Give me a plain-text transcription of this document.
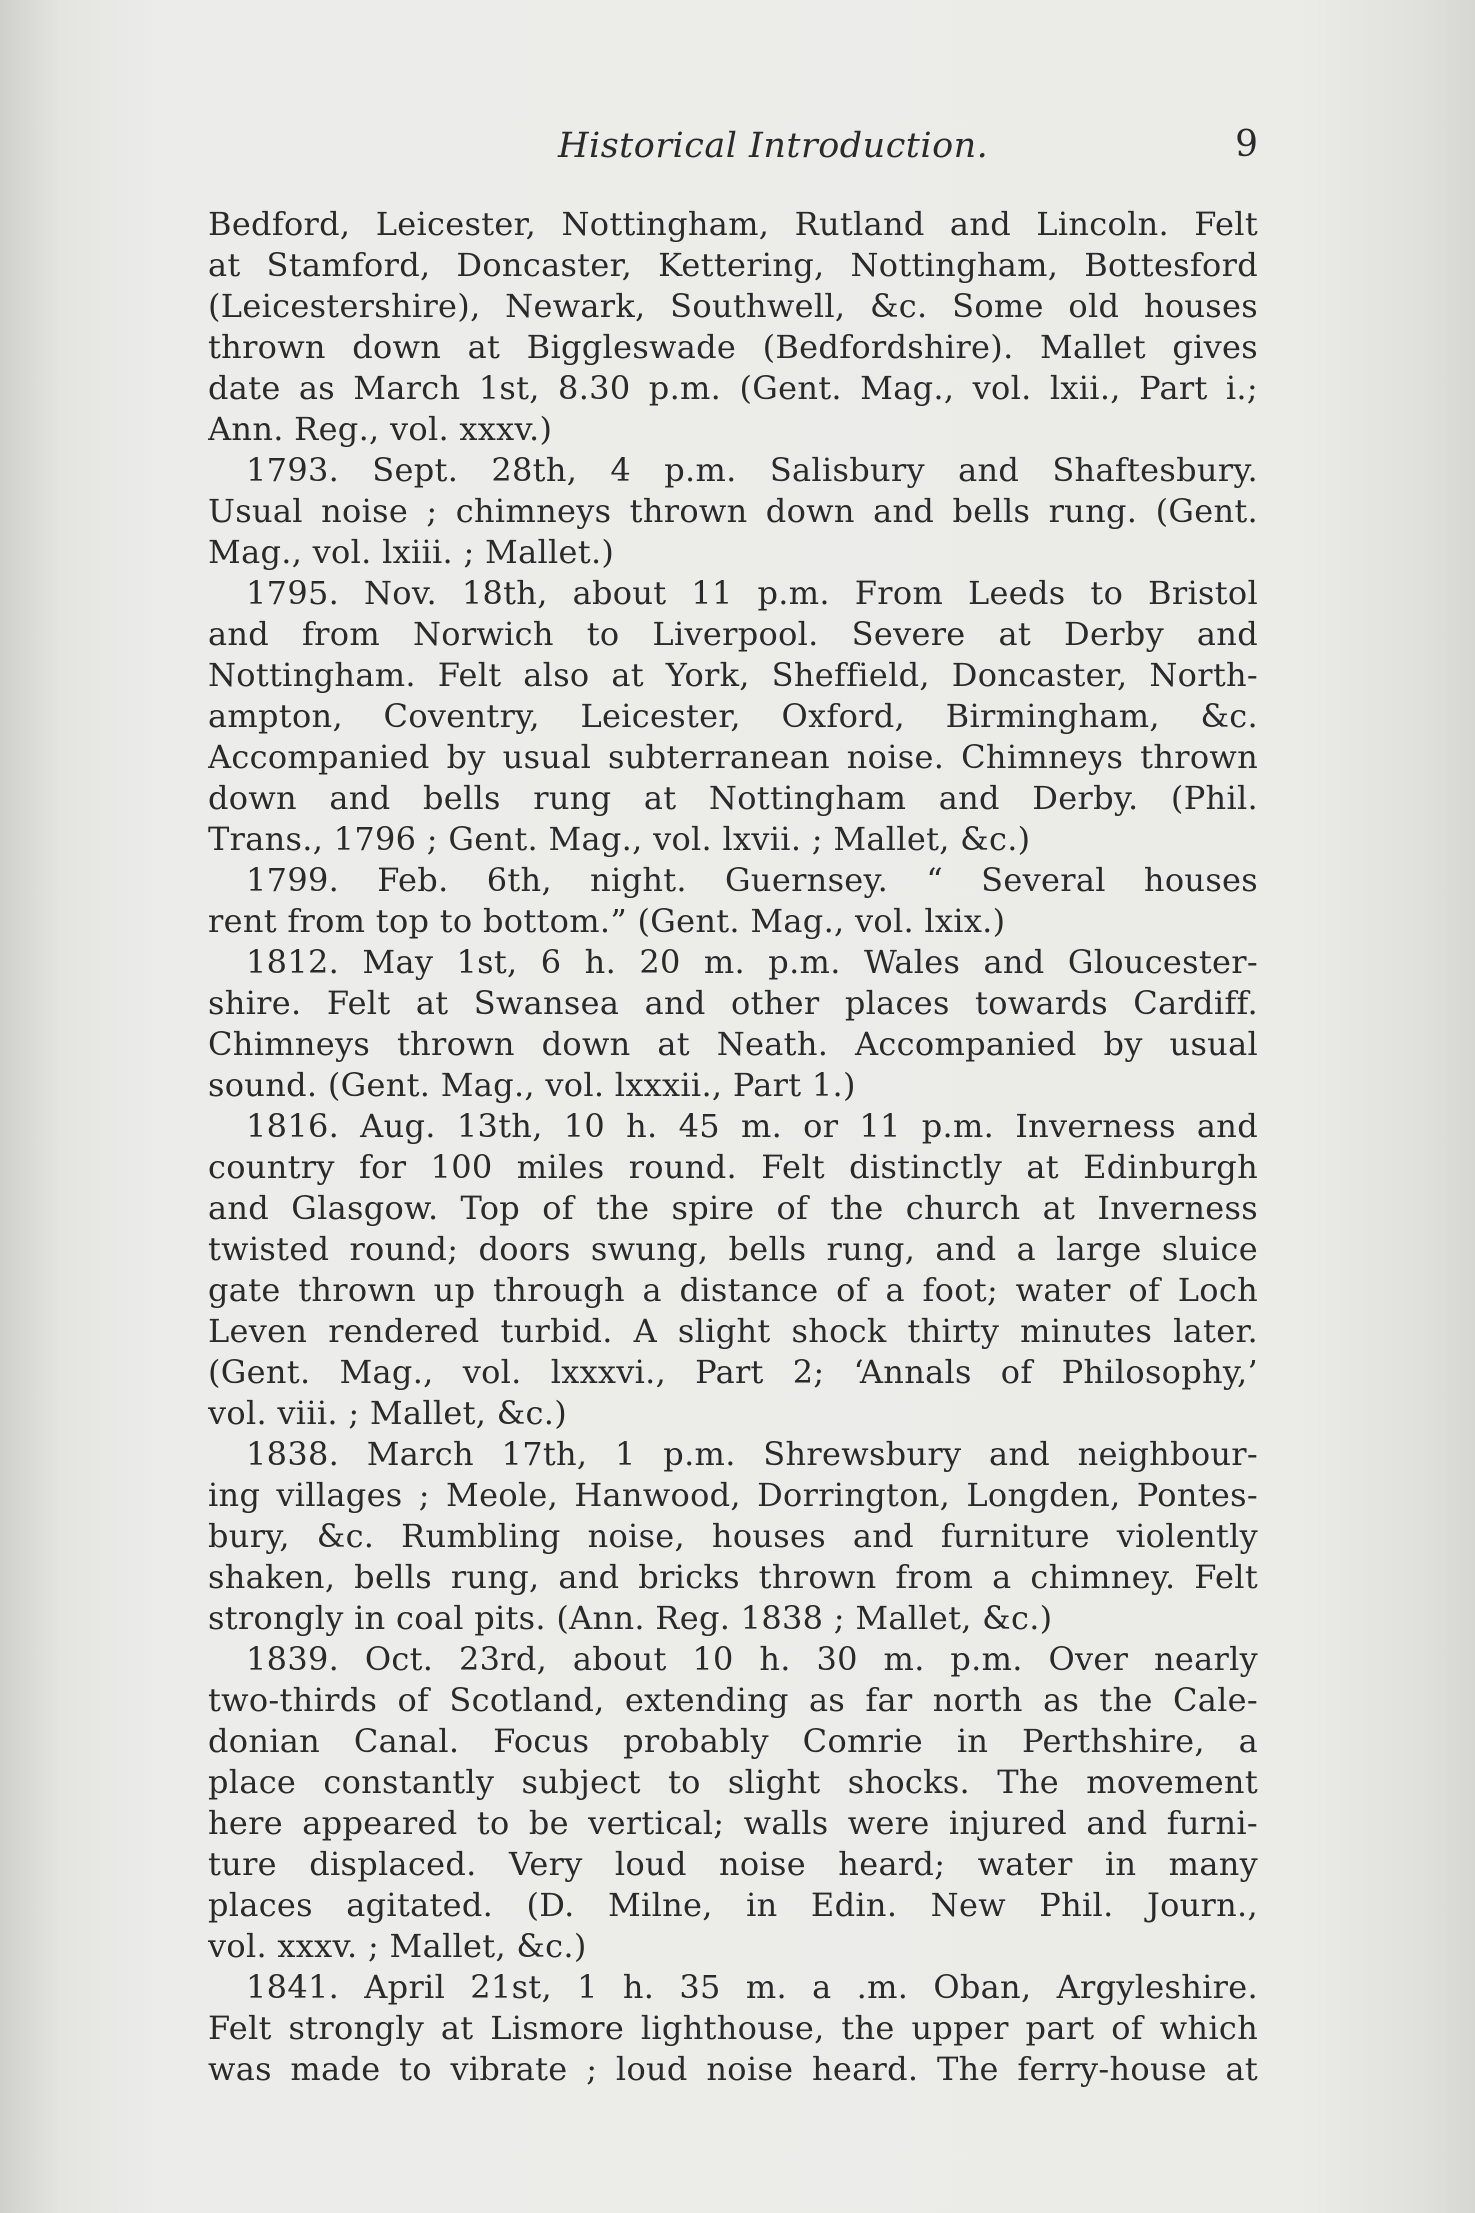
Historical Introduction.	9
Bedford, Leicester, Nottingham, Rutland and Lincoln. Felt
at Stamford, Doncaster, Kettering, Nottingham, Bottesford
(Leicestershire), Newark, Southwell, &c. Some old houses
thrown down at Biggleswade (Bedfordshire). Mallet gives
date as March 1st, 8.30 p.m. (Gent. Mag., vol. lxii., Part i.;
Ann. Reg., vol. xxxv.)
1793. Sept. 28th, 4 p.m. Salisbury and Shaftesbury.
Usual noise ; chimneys thrown down and bells rung. (Gent.
Mag., vol. lxiii. ; Mallet.)
1795. Nov. 18th, about 11 p.m. From Leeds to Bristol
and from Norwich to Liverpool. Severe at Derby and
Nottingham. Felt also at York, Sheffield, Doncaster, North-
ampton, Coventry, Leicester, Oxford, Birmingham, &c.
Accompanied by usual subterranean noise. Chimneys thrown
down and bells rung at Nottingham and Derby. (Phil.
Trans., 1796 ; Gent. Mag., vol. lxvii. ; Mallet, &c.)
1799. Feb. 6th, night. Guernsey. “ Several houses
rent from top to bottom.” (Gent. Mag., vol. lxix.)
1812. May 1st, 6 h. 20 m. p.m. Wales and Gloucester-
shire. Felt at Swansea and other places towards Cardiff.
Chimneys thrown down at Neath. Accompanied by usual
sound. (Gent. Mag., vol. lxxxii., Part 1.)
1816. Aug. 13th, 10 h. 45 m. or 11 p.m. Inverness and
country for 100 miles round. Felt distinctly at Edinburgh
and Glasgow. Top of the spire of the church at Inverness
twisted round; doors swung, bells rung, and a large sluice
gate thrown up through a distance of a foot; water of Loch
Leven rendered turbid. A slight shock thirty minutes later.
(Gent. Mag., vol. lxxxvi., Part 2; ‘Annals of Philosophy,’
vol. viii. ; Mallet, &c.)
1838. March 17th, 1 p.m. Shrewsbury and neighbour-
ing villages ; Meole, Hanwood, Dorrington, Longden, Pontes-
bury, &c. Rumbling noise, houses and furniture violently
shaken, bells rung, and bricks thrown from a chimney. Felt
strongly in coal pits. (Ann. Reg. 1838 ; Mallet, &c.)
1839. Oct. 23rd, about 10 h. 30 m. p.m. Over nearly
two-thirds of Scotland, extending as far north as the Cale-
donian Canal. Focus probably Comrie in Perthshire, a
place constantly subject to slight shocks. The movement
here appeared to be vertical; walls were injured and furni-
ture displaced. Very loud noise heard; water in many
places agitated. (D. Milne, in Edin. New Phil. Journ.,
vol. xxxv. ; Mallet, &c.)
1841. April 21st, 1 h. 35 m. a .m. Oban, Argyleshire.
Felt strongly at Lismore lighthouse, the upper part of which
was made to vibrate ; loud noise heard. The ferry-house at
